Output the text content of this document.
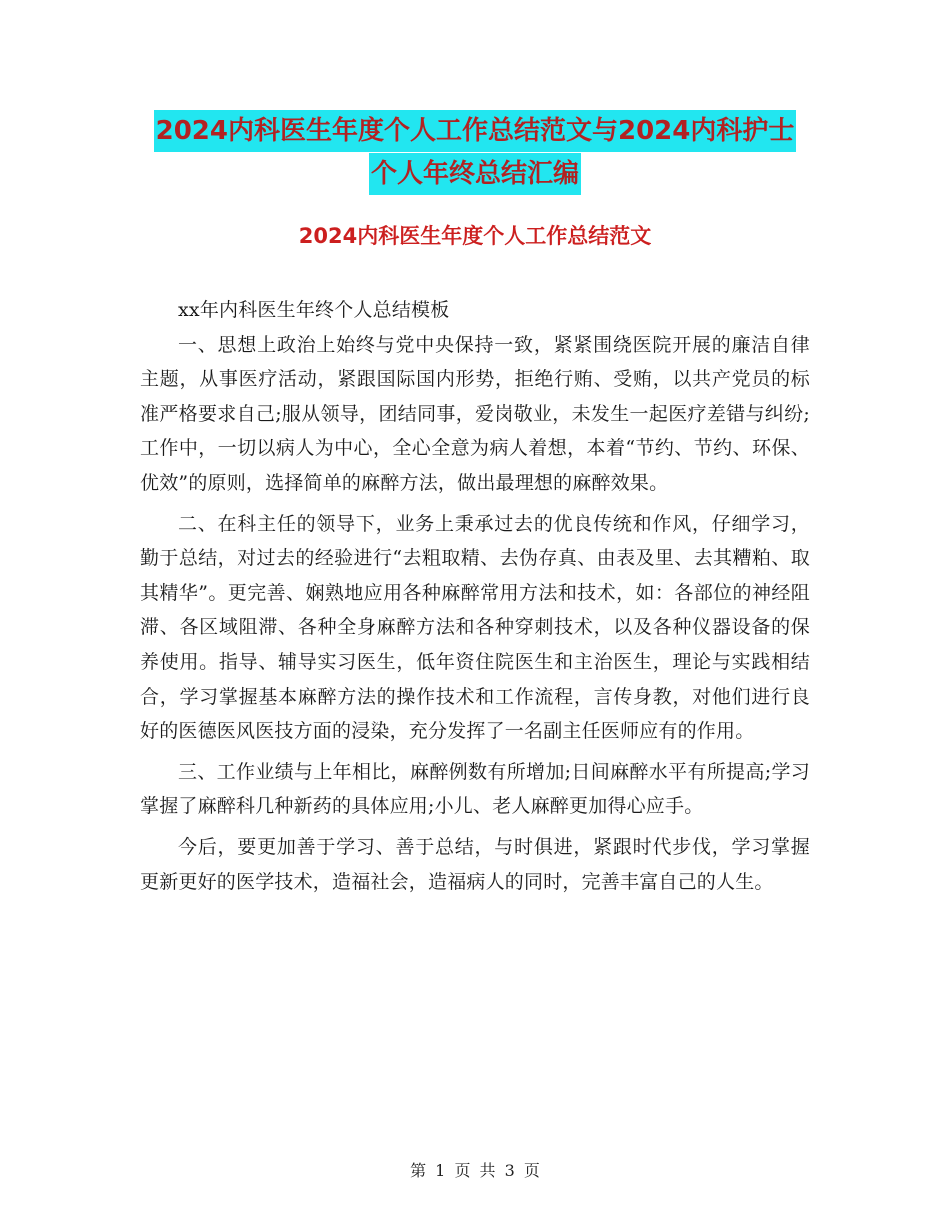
2024内科医生年度个人工作总结范文与2024内科护士
个人年终总结汇编
2024内科医生年度个人工作总结范文

xx年内科医生年终个人总结模板

一、思想上政治上始终与党中央保持一致，紧紧围绕医院开展的廉洁自律主题，从事医疗活动，紧跟国际国内形势，拒绝行贿、受贿，以共产党员的标准严格要求自己;服从领导，团结同事，爱岗敬业，未发生一起医疗差错与纠纷;工作中，一切以病人为中心，全心全意为病人着想，本着“节约、节约、环保、优效”的原则，选择简单的麻醉方法，做出最理想的麻醉效果。

二、在科主任的领导下，业务上秉承过去的优良传统和作风，仔细学习，勤于总结，对过去的经验进行“去粗取精、去伪存真、由表及里、去其糟粕、取其精华”。更完善、娴熟地应用各种麻醉常用方法和技术，如：各部位的神经阻滞、各区域阻滞、各种全身麻醉方法和各种穿刺技术，以及各种仪器设备的保养使用。指导、辅导实习医生，低年资住院医生和主治医生，理论与实践相结合，学习掌握基本麻醉方法的操作技术和工作流程，言传身教，对他们进行良好的医德医风医技方面的浸染，充分发挥了一名副主任医师应有的作用。

三、工作业绩与上年相比，麻醉例数有所增加;日间麻醉水平有所提高;学习掌握了麻醉科几种新药的具体应用;小儿、老人麻醉更加得心应手。

今后，要更加善于学习、善于总结，与时俱进，紧跟时代步伐，学习掌握更新更好的医学技术，造福社会，造福病人的同时，完善丰富自己的人生。

第 1 页 共 3 页
